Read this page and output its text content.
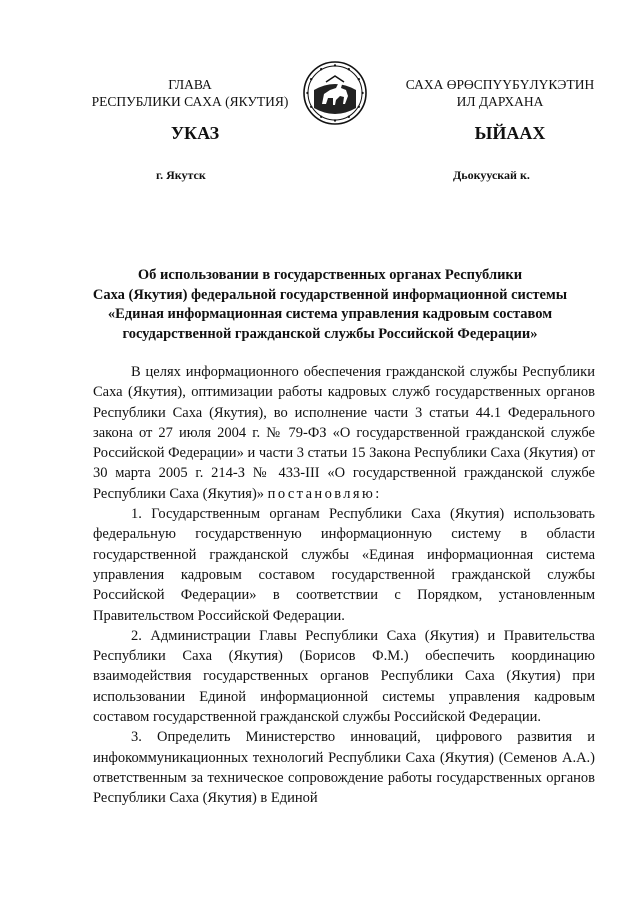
ГЛАВА
РЕСПУБЛИКИ САХА (ЯКУТИЯ)
САХА ӨРӨСПҮҮБҮЛҮКЭТИН
ИЛ ДАРХАНА
УКАЗ	ЫЙААХ
г. Якутск	Дьокуускай к.
Об использовании в государственных органах Республики
Саха (Якутия) федеральной государственной информационной системы
«Единая информационная система управления кадровым составом
государственной гражданской службы Российской Федерации»

В целях информационного обеспечения гражданской службы Республики Саха (Якутия), оптимизации работы кадровых служб государственных органов Республики Саха (Якутия), во исполнение части 3 статьи 44.1 Федерального закона от 27 июля 2004 г. № 79-ФЗ «О государственной гражданской службе Российской Федерации» и части 3 статьи 15 Закона Республики Саха (Якутия) от 30 марта 2005 г. 214-З № 433-III «О государственной гражданской службе Республики Саха (Якутия)» постановляю:

1. Государственным органам Республики Саха (Якутия) использовать федеральную государственную информационную систему в области государственной гражданской службы «Единая информационная система управления кадровым составом государственной гражданской службы Российской Федерации» в соответствии с Порядком, установленным Правительством Российской Федерации.

2. Администрации Главы Республики Саха (Якутия) и Правительства Республики Саха (Якутия) (Борисов Ф.М.) обеспечить координацию взаимодействия государственных органов Республики Саха (Якутия) при использовании Единой информационной системы управления кадровым составом государственной гражданской службы Российской Федерации.

3. Определить Министерство инноваций, цифрового развития и инфокоммуникационных технологий Республики Саха (Якутия) (Семенов А.А.) ответственным за техническое сопровождение работы государственных органов Республики Саха (Якутия) в Единой
